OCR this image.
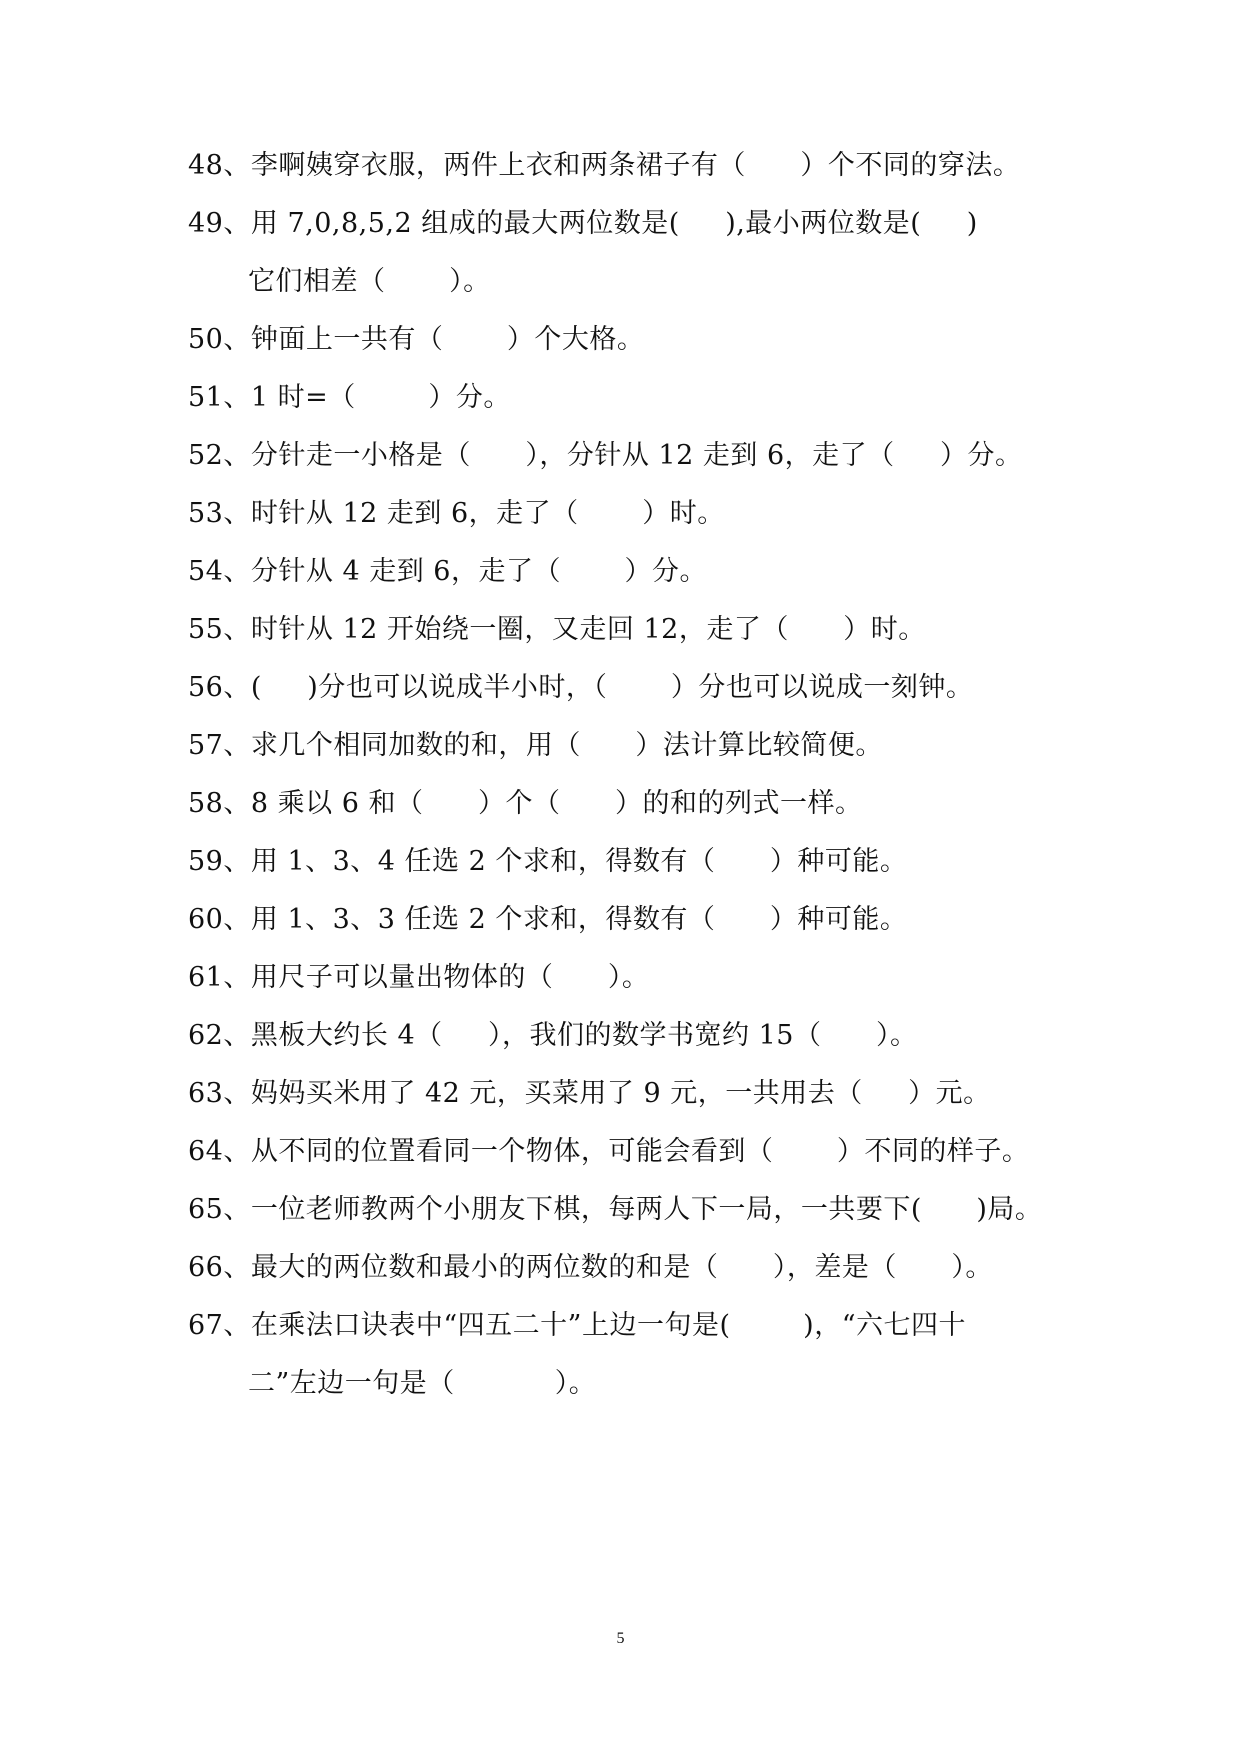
48、李啊姨穿衣服，两件上衣和两条裙子有（      ）个不同的穿法。
49、用 7,0,8,5,2 组成的最大两位数是(     ),最小两位数是(     )
它们相差（       ）。
50、钟面上一共有（       ）个大格。
51、1 时=（        ）分。
52、分针走一小格是（      ），分针从 12 走到 6，走了（     ）分。
53、时针从 12 走到 6，走了（       ）时。
54、分针从 4 走到 6，走了（       ）分。
55、时针从 12 开始绕一圈，又走回 12，走了（      ）时。
56、(     )分也可以说成半小时，（       ）分也可以说成一刻钟。
57、求几个相同加数的和，用（      ）法计算比较简便。
58、8 乘以 6 和（      ）个（      ）的和的列式一样。
59、用 1、3、4 任选 2 个求和，得数有（      ）种可能。
60、用 1、3、3 任选 2 个求和，得数有（      ）种可能。
61、用尺子可以量出物体的（      ）。
62、黑板大约长 4（     ），我们的数学书宽约 15（      ）。
63、妈妈买米用了 42 元，买菜用了 9 元，一共用去（     ）元。
64、从不同的位置看同一个物体，可能会看到（       ）不同的样子。
65、一位老师教两个小朋友下棋，每两人下一局，一共要下(      )局。
66、最大的两位数和最小的两位数的和是（      ），差是（      ）。
67、在乘法口诀表中“四五二十”上边一句是(        )，“六七四十
二”左边一句是（           ）。
5
